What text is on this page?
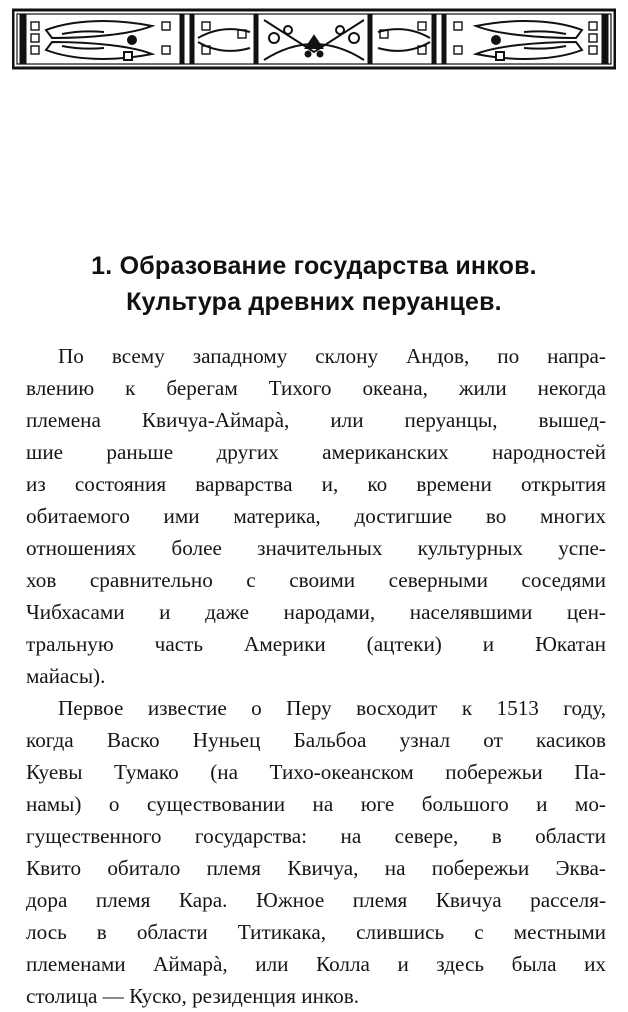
1. Образование государства инков.
Культура древних перуанцев.
По всему западному склону Андов, по напра-
влению к берегам Тихого океана, жили некогда
племена Квичуа-Аймарà, или перуанцы, вышед-
шие раньше других американских народностей
из состояния варварства и, ко времени открытия
обитаемого ими материка, достигшие во многих
отношениях более значительных культурных успе-
хов сравнительно с своими северными соседями
Чибхасами и даже народами, населявшими цен-
тральную часть Америки (ацтеки) и Юкатан
майасы).
Первое известие о Перу восходит к 1513 году,
когда Васко Нуньец Бальбоа узнал от касиков
Куевы Тумако (на Тихо-океанском побережьи Па-
намы) о существовании на юге большого и мо-
гущественного государства: на севере, в области
Квито обитало племя Квичуа, на побережьи Эква-
дора племя Кара. Южное племя Квичуа расселя-
лось в области Титикака, слившись с местными
племенами Аймарà, или Колла и здесь была их
столица — Куско, резиденция инков.
